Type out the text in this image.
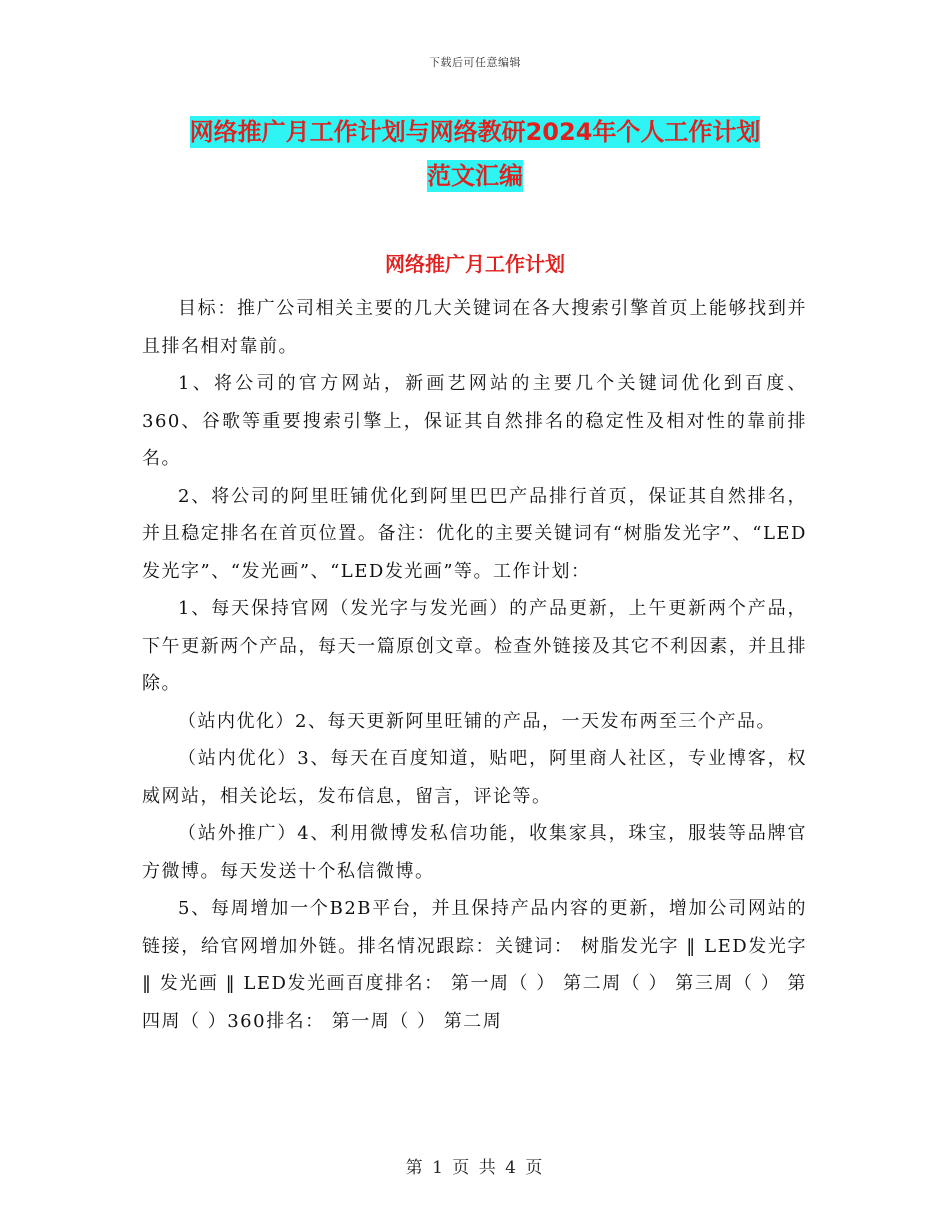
下载后可任意编辑
网络推广月工作计划与网络教研2024年个人工作计划
范文汇编
网络推广月工作计划

目标：推广公司相关主要的几大关键词在各大搜索引擎首页上能够找到并且排名相对靠前。

1、将公司的官方网站，新画艺网站的主要几个关键词优化到百度、360、谷歌等重要搜索引擎上，保证其自然排名的稳定性及相对性的靠前排名。

2、将公司的阿里旺铺优化到阿里巴巴产品排行首页，保证其自然排名，并且稳定排名在首页位置。备注：优化的主要关键词有“树脂发光字”、“LED发光字”、“发光画”、“LED发光画”等。工作计划：

1、每天保持官网（发光字与发光画）的产品更新，上午更新两个产品，下午更新两个产品，每天一篇原创文章。检查外链接及其它不利因素，并且排除。

（站内优化）2、每天更新阿里旺铺的产品，一天发布两至三个产品。

（站内优化）3、每天在百度知道，贴吧，阿里商人社区，专业博客，权威网站，相关论坛，发布信息，留言，评论等。

（站外推广）4、利用微博发私信功能，收集家具，珠宝，服装等品牌官方微博。每天发送十个私信微博。

5、每周增加一个B2B平台，并且保持产品内容的更新，增加公司网站的链接，给官网增加外链。排名情况跟踪：关键词： 树脂发光字 ‖ LED发光字 ‖ 发光画 ‖ LED发光画百度排名： 第一周（ ） 第二周（ ） 第三周（ ） 第四周（ ）360排名： 第一周（ ） 第二周

第 1 页 共 4 页
